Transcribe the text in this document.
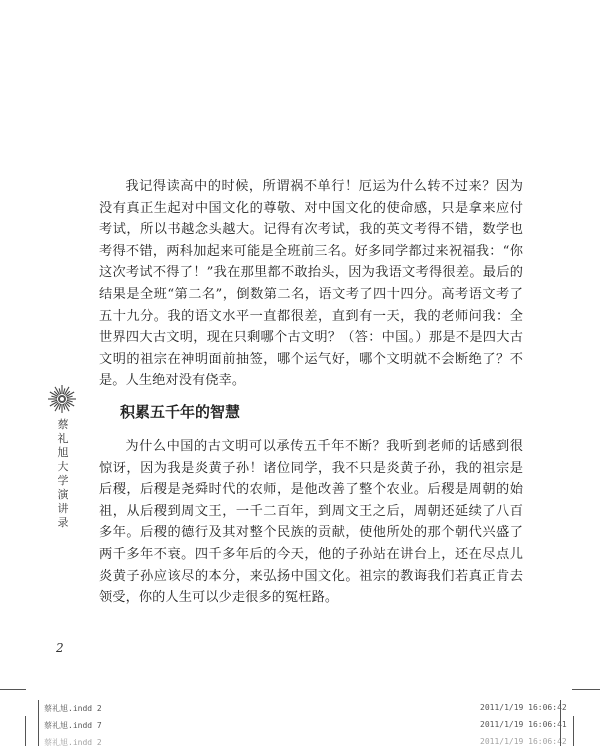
我记得读高中的时候，所谓祸不单行！厄运为什么转不过来？因为没有真正生起对中国文化的尊敬、对中国文化的使命感，只是拿来应付考试，所以书越念头越大。记得有次考试，我的英文考得不错，数学也考得不错，两科加起来可能是全班前三名。好多同学都过来祝福我：“你这次考试不得了！”我在那里都不敢抬头，因为我语文考得很差。最后的结果是全班“第二名”，倒数第二名，语文考了四十四分。高考语文考了五十九分。我的语文水平一直都很差，直到有一天，我的老师问我：全世界四大古文明，现在只剩哪个古文明？（答：中国。）那是不是四大古文明的祖宗在神明面前抽签，哪个运气好，哪个文明就不会断绝了？不是。人生绝对没有侥幸。

蔡礼旭大学演讲录
积累五千年的智慧

为什么中国的古文明可以承传五千年不断？我听到老师的话感到很惊讶，因为我是炎黄子孙！诸位同学，我不只是炎黄子孙，我的祖宗是后稷，后稷是尧舜时代的农师，是他改善了整个农业。后稷是周朝的始祖，从后稷到周文王，一千二百年，到周文王之后，周朝还延续了八百多年。后稷的德行及其对整个民族的贡献，使他所处的那个朝代兴盛了两千多年不衰。四千多年后的今天，他的子孙站在讲台上，还在尽点儿炎黄子孙应该尽的本分，来弘扬中国文化。祖宗的教诲我们若真正肯去领受，你的人生可以少走很多的冤枉路。

2
蔡礼旭.indd 2	2011/1/19 16:06:42
蔡礼旭.indd 7	2011/1/19 16:06:41
蔡礼旭.indd 2	2011/1/19 16:06:42
